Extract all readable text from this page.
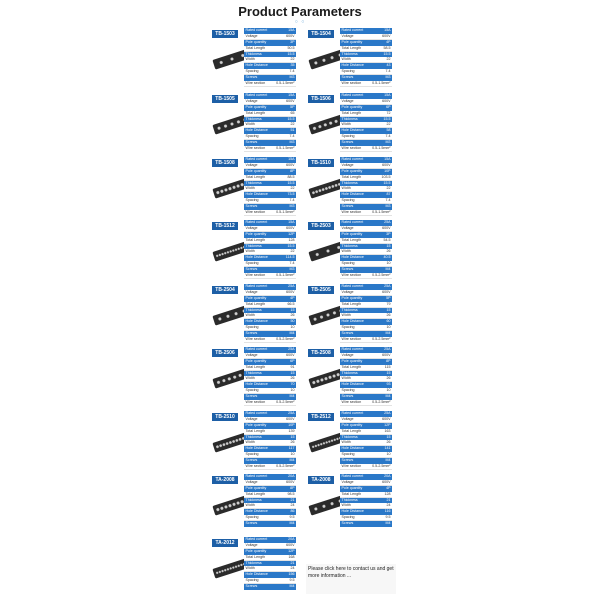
Product Parameters
○ ○
TB-1503
Rated current	15A
Voltage	600V
Pole quantity	3P
Total Length	50.5
Thickness	15.5
Width	22
Hole Distance	35
Spacing	7.4
Screws	M3
Wire section	0.5-1.5mm²
TB-1504
Rated current	15A
Voltage	600V
Pole quantity	4P
Total Length	58.5
Thickness	15.5
Width	22
Hole Distance	43
Spacing	7.4
Screws	M3
Wire section	0.5-1.5mm²
TB-1505
Rated current	15A
Voltage	600V
Pole quantity	5P
Total Length	65
Thickness	15.5
Width	22
Hole Distance	51
Spacing	7.4
Screws	M3
Wire section	0.5-1.5mm²
TB-1506
Rated current	15A
Voltage	600V
Pole quantity	6P
Total Length	72
Thickness	15.5
Width	22
Hole Distance	58
Spacing	7.4
Screws	M3
Wire section	0.5-1.5mm²
TB-1508
Rated current	15A
Voltage	600V
Pole quantity	8P
Total Length	88.5
Thickness	15.5
Width	22
Hole Distance	73.5
Spacing	7.4
Screws	M3
Wire section	0.5-1.5mm²
TB-1510
Rated current	15A
Voltage	600V
Pole quantity	10P
Total Length	103.5
Thickness	15.5
Width	22
Hole Distance	87
Spacing	7.4
Screws	M3
Wire section	0.5-1.5mm²
TB-1512
Rated current	15A
Voltage	600V
Pole quantity	12P
Total Length	128
Thickness	15.5
Width	22
Hole Distance	114.5
Spacing	7.4
Screws	M3
Wire section	0.5-1.5mm²
TB-2503
Rated current	25A
Voltage	600V
Pole quantity	3P
Total Length	54.5
Thickness	15
Width	26
Hole Distance	40.5
Spacing	10
Screws	M4
Wire section	0.5-2.5mm²
TB-2504
Rated current	25A
Voltage	600V
Pole quantity	4P
Total Length	66.5
Thickness	15
Width	26
Hole Distance	50
Spacing	10
Screws	M4
Wire section	0.5-2.5mm²
TB-2505
Rated current	25A
Voltage	600V
Pole quantity	5P
Total Length	79
Thickness	15
Width	26
Hole Distance	60
Spacing	10
Screws	M4
Wire section	0.5-2.5mm²
TB-2506
Rated current	25A
Voltage	600V
Pole quantity	6P
Total Length	91
Thickness	15
Width	26
Hole Distance	70
Spacing	10
Screws	M4
Wire section	0.5-2.5mm²
TB-2508
Rated current	25A
Voltage	600V
Pole quantity	8P
Total Length	115
Thickness	15
Width	26
Hole Distance	93
Spacing	10
Screws	M4
Wire section	0.5-2.5mm²
TB-2510
Rated current	25A
Voltage	600V
Pole quantity	10P
Total Length	139
Thickness	15
Width	26
Hole Distance	117
Spacing	10
Screws	M4
Wire section	0.5-2.5mm²
TB-2512
Rated current	25A
Voltage	600V
Pole quantity	12P
Total Length	163
Thickness	15
Width	26
Hole Distance	141
Spacing	10
Screws	M4
Wire section	0.5-2.5mm²
TA-2008
Rated current	20A
Voltage	600V
Pole quantity	8P
Total Length	98.5
Thickness	21
Width	24
Hole Distance	86
Spacing	9.5
Screws	M4
TA-2008
Rated current	20A
Voltage	600V
Pole quantity	4P
Total Length	128
Thickness	21
Width	24
Hole Distance	116
Spacing	9.5
Screws	M4
TA-2012
Rated current	20A
Voltage	600V
Pole quantity	12P
Total Length	168
Thickness	21
Width	24
Hole Distance	156
Spacing	9.5
Screws	M4
Please click here to contact us and get more information ...
